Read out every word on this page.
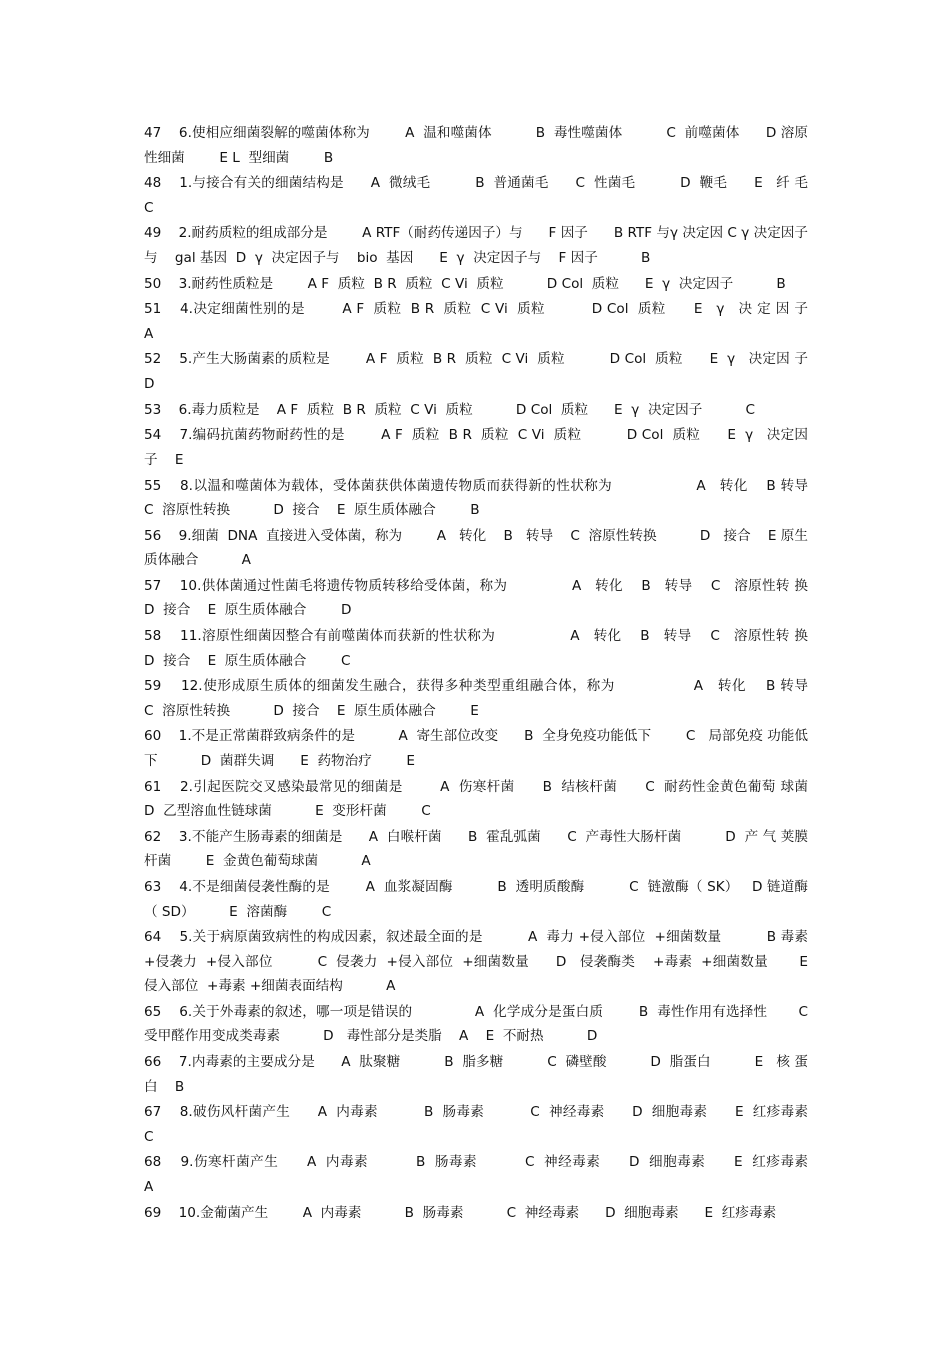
47    6.使相应细菌裂解的噬菌体称为        A  温和噬菌体          B  毒性噬菌体          C  前噬菌体      D 溶原性细菌        E L  型细菌        B

48    1.与接合有关的细菌结构是      A  微绒毛          B  普通菌毛      C  性菌毛          D  鞭毛      E   纤 毛        C

49    2.耐药质粒的组成部分是        A RTF（耐药传递因子）与      F 因子      B RTF 与γ 决定因 C γ 决定因子与    gal 基因  D  γ  决定因子与    bio  基因      E  γ  决定因子与    F 因子          B

50    3.耐药性质粒是        A F  质粒  B R  质粒  C Vi  质粒          D Col  质粒      E  γ  决定因子          B

51    4.决定细菌性别的是        A F  质粒  B R  质粒  C Vi  质粒          D Col  质粒      E   γ   决 定 因 子        A

52    5.产生大肠菌素的质粒是        A F  质粒  B R  质粒  C Vi  质粒          D Col  质粒      E  γ   决定因 子    D

53    6.毒力质粒是    A F  质粒  B R  质粒  C Vi  质粒          D Col  质粒      E  γ  决定因子          C

54    7.编码抗菌药物耐药性的是        A F  质粒  B R  质粒  C Vi  质粒          D Col  质粒      E  γ   决定因 子    E

55    8.以温和噬菌体为载体，受体菌获供体菌遗传物质而获得新的性状称为                  A   转化    B 转导        C  溶原性转换          D  接合    E  原生质体融合        B

56    9.细菌  DNA  直接进入受体菌，称为        A   转化    B   转导    C  溶原性转换          D   接合    E 原生质体融合          A

57    10.供体菌通过性菌毛将遗传物质转移给受体菌，称为              A   转化    B   转导    C   溶原性转 换    D  接合    E  原生质体融合        D

58    11.溶原性细菌因整合有前噬菌体而获新的性状称为                A   转化    B   转导    C   溶原性转 换    D  接合    E  原生质体融合        C

59    12.使形成原生质体的细菌发生融合，获得多种类型重组融合体，称为                A   转化    B 转导        C  溶原性转换          D  接合    E  原生质体融合        E

60    1.不是正常菌群致病条件的是          A  寄生部位改变      B  全身免疫功能低下        C   局部免疫 功能低下          D  菌群失调      E  药物治疗        E

61    2.引起医院交叉感染最常见的细菌是        A  伤寒杆菌      B  结核杆菌      C  耐药性金黄色葡萄 球菌          D  乙型溶血性链球菌          E  变形杆菌        C

62    3.不能产生肠毒素的细菌是      A  白喉杆菌      B  霍乱弧菌      C  产毒性大肠杆菌          D  产 气 荚膜杆菌        E  金黄色葡萄球菌          A

63    4.不是细菌侵袭性酶的是        A  血浆凝固酶          B  透明质酸酶          C  链激酶（ SK）   D 链道酶（ SD）        E  溶菌酶        C

64    5.关于病原菌致病性的构成因素，叙述最全面的是          A  毒力 +侵入部位  +细菌数量          B 毒素 +侵袭力  +侵入部位          C  侵袭力  +侵入部位  +细菌数量      D   侵袭酶类    +毒素  +细菌数量       E  侵入部位  +毒素 +细菌表面结构          A

65    6.关于外毒素的叙述，哪一项是错误的              A  化学成分是蛋白质        B  毒性作用有选择性       C  受甲醛作用变成类毒素          D   毒性部分是类脂    A    E  不耐热          D

66    7.内毒素的主要成分是      A  肽聚糖          B  脂多糖          C  磷壁酸          D  脂蛋白          E   核 蛋 白    B

67    8.破伤风杆菌产生      A  内毒素          B  肠毒素          C  神经毒素      D  细胞毒素      E  红疹毒素       C

68    9.伤寒杆菌产生      A  内毒素          B  肠毒素          C  神经毒素      D  细胞毒素      E  红疹毒素       A

69    10.金葡菌产生        A  内毒素          B  肠毒素          C  神经毒素      D  细胞毒素      E  红疹毒素
